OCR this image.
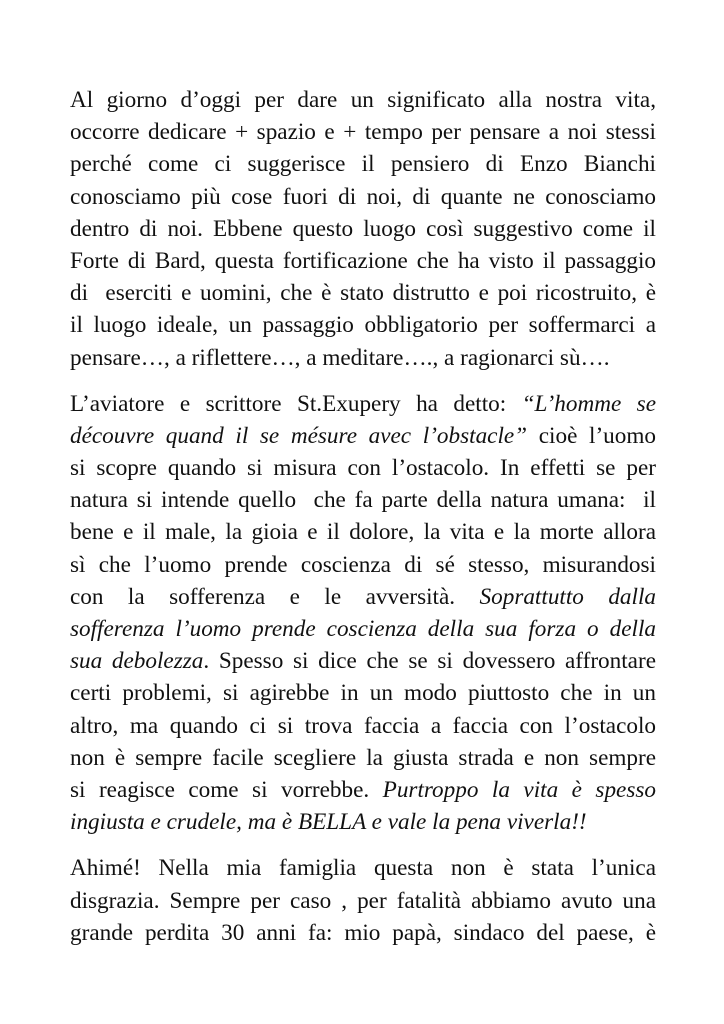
Al giorno d’oggi per dare un significato alla nostra vita,
occorre dedicare + spazio e + tempo per pensare a noi stessi
perché come ci suggerisce il pensiero di Enzo Bianchi
conosciamo più cose fuori di noi, di quante ne conosciamo
dentro di noi. Ebbene questo luogo così suggestivo come il
Forte di Bard, questa fortificazione che ha visto il passaggio
di  eserciti e uomini, che è stato distrutto e poi ricostruito, è
il luogo ideale, un passaggio obbligatorio per soffermarci a
pensare…, a riflettere…, a meditare…., a ragionarci sù….
L’aviatore e scrittore St.Exupery ha detto: “L’homme se
découvre quand il se mésure avec l’obstacle” cioè l’uomo
si scopre quando si misura con l’ostacolo. In effetti se per
natura si intende quello  che fa parte della natura umana:  il
bene e il male, la gioia e il dolore, la vita e la morte allora
sì che l’uomo prende coscienza di sé stesso, misurandosi
con la sofferenza e le avversità. Soprattutto dalla
sofferenza l’uomo prende coscienza della sua forza o della
sua debolezza. Spesso si dice che se si dovessero affrontare
certi problemi, si agirebbe in un modo piuttosto che in un
altro, ma quando ci si trova faccia a faccia con l’ostacolo
non è sempre facile scegliere la giusta strada e non sempre
si reagisce come si vorrebbe. Purtroppo la vita è spesso
ingiusta e crudele, ma è BELLA e vale la pena viverla!!
Ahimé! Nella mia famiglia questa non è stata l’unica
disgrazia. Sempre per caso , per fatalità abbiamo avuto una
grande perdita 30 anni fa: mio papà, sindaco del paese, è
